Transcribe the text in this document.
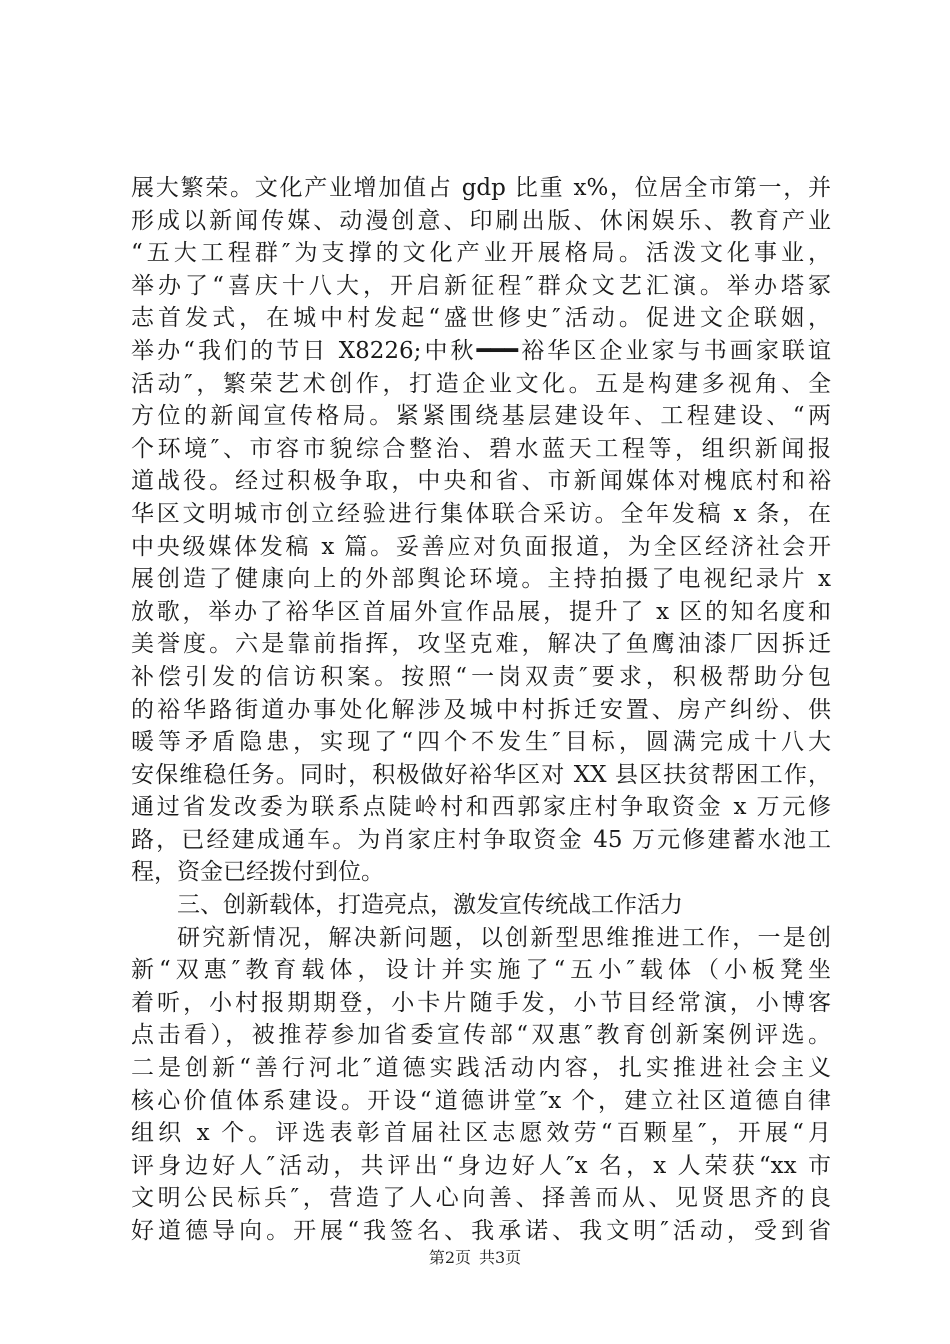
展大繁荣。文化产业增加值占 gdp 比重 x%，位居全市第一，并
形成以新闻传媒、动漫创意、印刷出版、休闲娱乐、教育产业
“五大工程群″为支撑的文化产业开展格局。活泼文化事业，
举办了“喜庆十八大，开启新征程″群众文艺汇演。举办塔冢
志首发式，在城中村发起“盛世修史″活动。促进文企联姻，
举办“我们的节日 X8226;中秋━━━裕华区企业家与书画家联谊
活动″，繁荣艺术创作，打造企业文化。五是构建多视角、全
方位的新闻宣传格局。紧紧围绕基层建设年、工程建设、“两
个环境″、市容市貌综合整治、碧水蓝天工程等，组织新闻报
道战役。经过积极争取，中央和省、市新闻媒体对槐底村和裕
华区文明城市创立经验进行集体联合采访。全年发稿 x 条，在
中央级媒体发稿 x 篇。妥善应对负面报道，为全区经济社会开
展创造了健康向上的外部舆论环境。主持拍摄了电视纪录片 x
放歌，举办了裕华区首届外宣作品展，提升了 x 区的知名度和
美誉度。六是靠前指挥，攻坚克难，解决了鱼鹰油漆厂因拆迁
补偿引发的信访积案。按照“一岗双责″要求，积极帮助分包
的裕华路街道办事处化解涉及城中村拆迁安置、房产纠纷、供
暖等矛盾隐患，实现了“四个不发生″目标，圆满完成十八大
安保维稳任务。同时，积极做好裕华区对 XX 县区扶贫帮困工作，
通过省发改委为联系点陡岭村和西郭家庄村争取资金 x 万元修
路，已经建成通车。为肖家庄村争取资金 45 万元修建蓄水池工
程，资金已经拨付到位。
三、创新载体，打造亮点，激发宣传统战工作活力
研究新情况，解决新问题，以创新型思维推进工作，一是创
新“双惠″教育载体，设计并实施了“五小″载体（小板凳坐
着听，小村报期期登，小卡片随手发，小节目经常演，小博客
点击看），被推荐参加省委宣传部“双惠″教育创新案例评选。
二是创新“善行河北″道德实践活动内容，扎实推进社会主义
核心价值体系建设。开设“道德讲堂″x 个，建立社区道德自律
组织 x 个。评选表彰首届社区志愿效劳“百颗星″，开展“月
评身边好人″活动，共评出“身边好人″x 名，x 人荣获“xx 市
文明公民标兵″，营造了人心向善、择善而从、见贤思齐的良
好道德导向。开展“我签名、我承诺、我文明″活动，受到省
第2页 共3页
